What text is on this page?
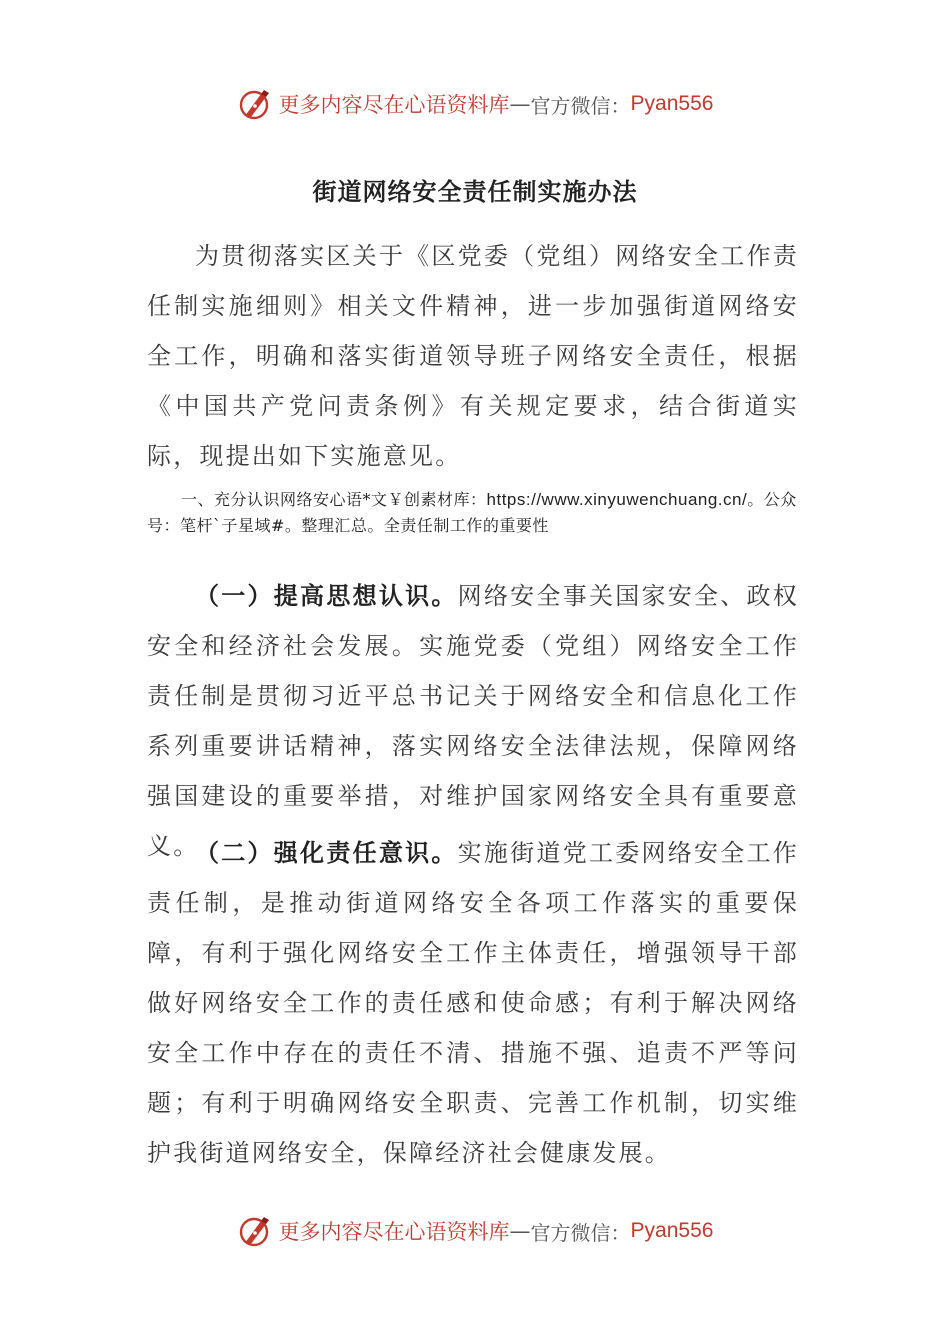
更多内容尽在心语资料库 — 官方微信： Pyan556
街道网络安全责任制实施办法

为贯彻落实区关于《区党委（党组）网络安全工作责任制实施细则》相关文件精神，进一步加强街道网络安全工作，明确和落实街道领导班子网络安全责任，根据《中国共产党问责条例》有关规定要求，结合街道实际，现提出如下实施意见。

一、充分认识网络安心语*文￥创素材库：https://www.xinyuwenchuang.cn/。公众号：笔杆`子星域#。整理汇总。全责任制工作的重要性

（一）提高思想认识。网络安全事关国家安全、政权安全和经济社会发展。实施党委（党组）网络安全工作责任制是贯彻习近平总书记关于网络安全和信息化工作系列重要讲话精神，落实网络安全法律法规，保障网络强国建设的重要举措，对维护国家网络安全具有重要意义。

（二）强化责任意识。实施街道党工委网络安全工作责任制，是推动街道网络安全各项工作落实的重要保障，有利于强化网络安全工作主体责任，增强领导干部做好网络安全工作的责任感和使命感；有利于解决网络安全工作中存在的责任不清、措施不强、追责不严等问题；有利于明确网络安全职责、完善工作机制，切实维护我街道网络安全，保障经济社会健康发展。

更多内容尽在心语资料库 — 官方微信： Pyan556
